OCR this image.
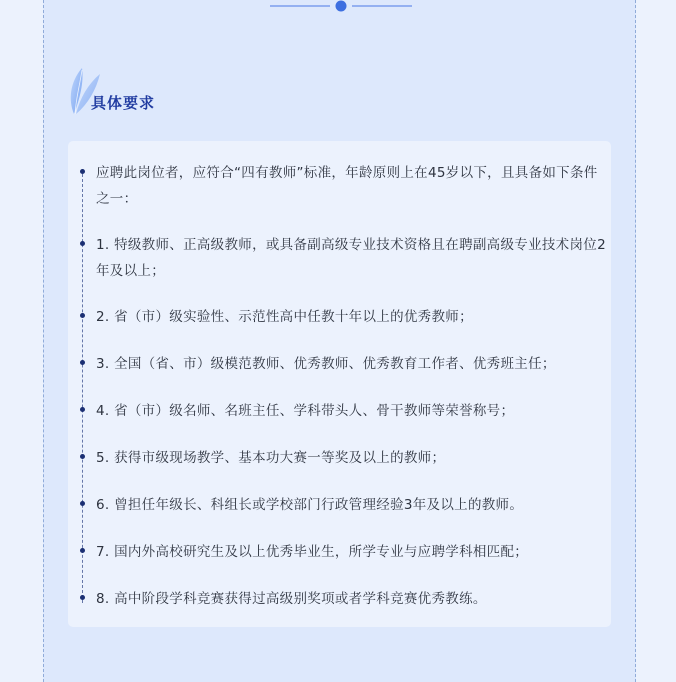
具体要求
应聘此岗位者，应符合“四有教师”标准，年龄原则上在45岁以下，且具备如下条件之一：
1. 特级教师、正高级教师，或具备副高级专业技术资格且在聘副高级专业技术岗位2年及以上；
2. 省（市）级实验性、示范性高中任教十年以上的优秀教师；
3. 全国（省、市）级模范教师、优秀教师、优秀教育工作者、优秀班主任；
4. 省（市）级名师、名班主任、学科带头人、骨干教师等荣誉称号；
5. 获得市级现场教学、基本功大赛一等奖及以上的教师；
6. 曾担任年级长、科组长或学校部门行政管理经验3年及以上的教师。
7. 国内外高校研究生及以上优秀毕业生，所学专业与应聘学科相匹配；
8. 高中阶段学科竞赛获得过高级别奖项或者学科竞赛优秀教练。
